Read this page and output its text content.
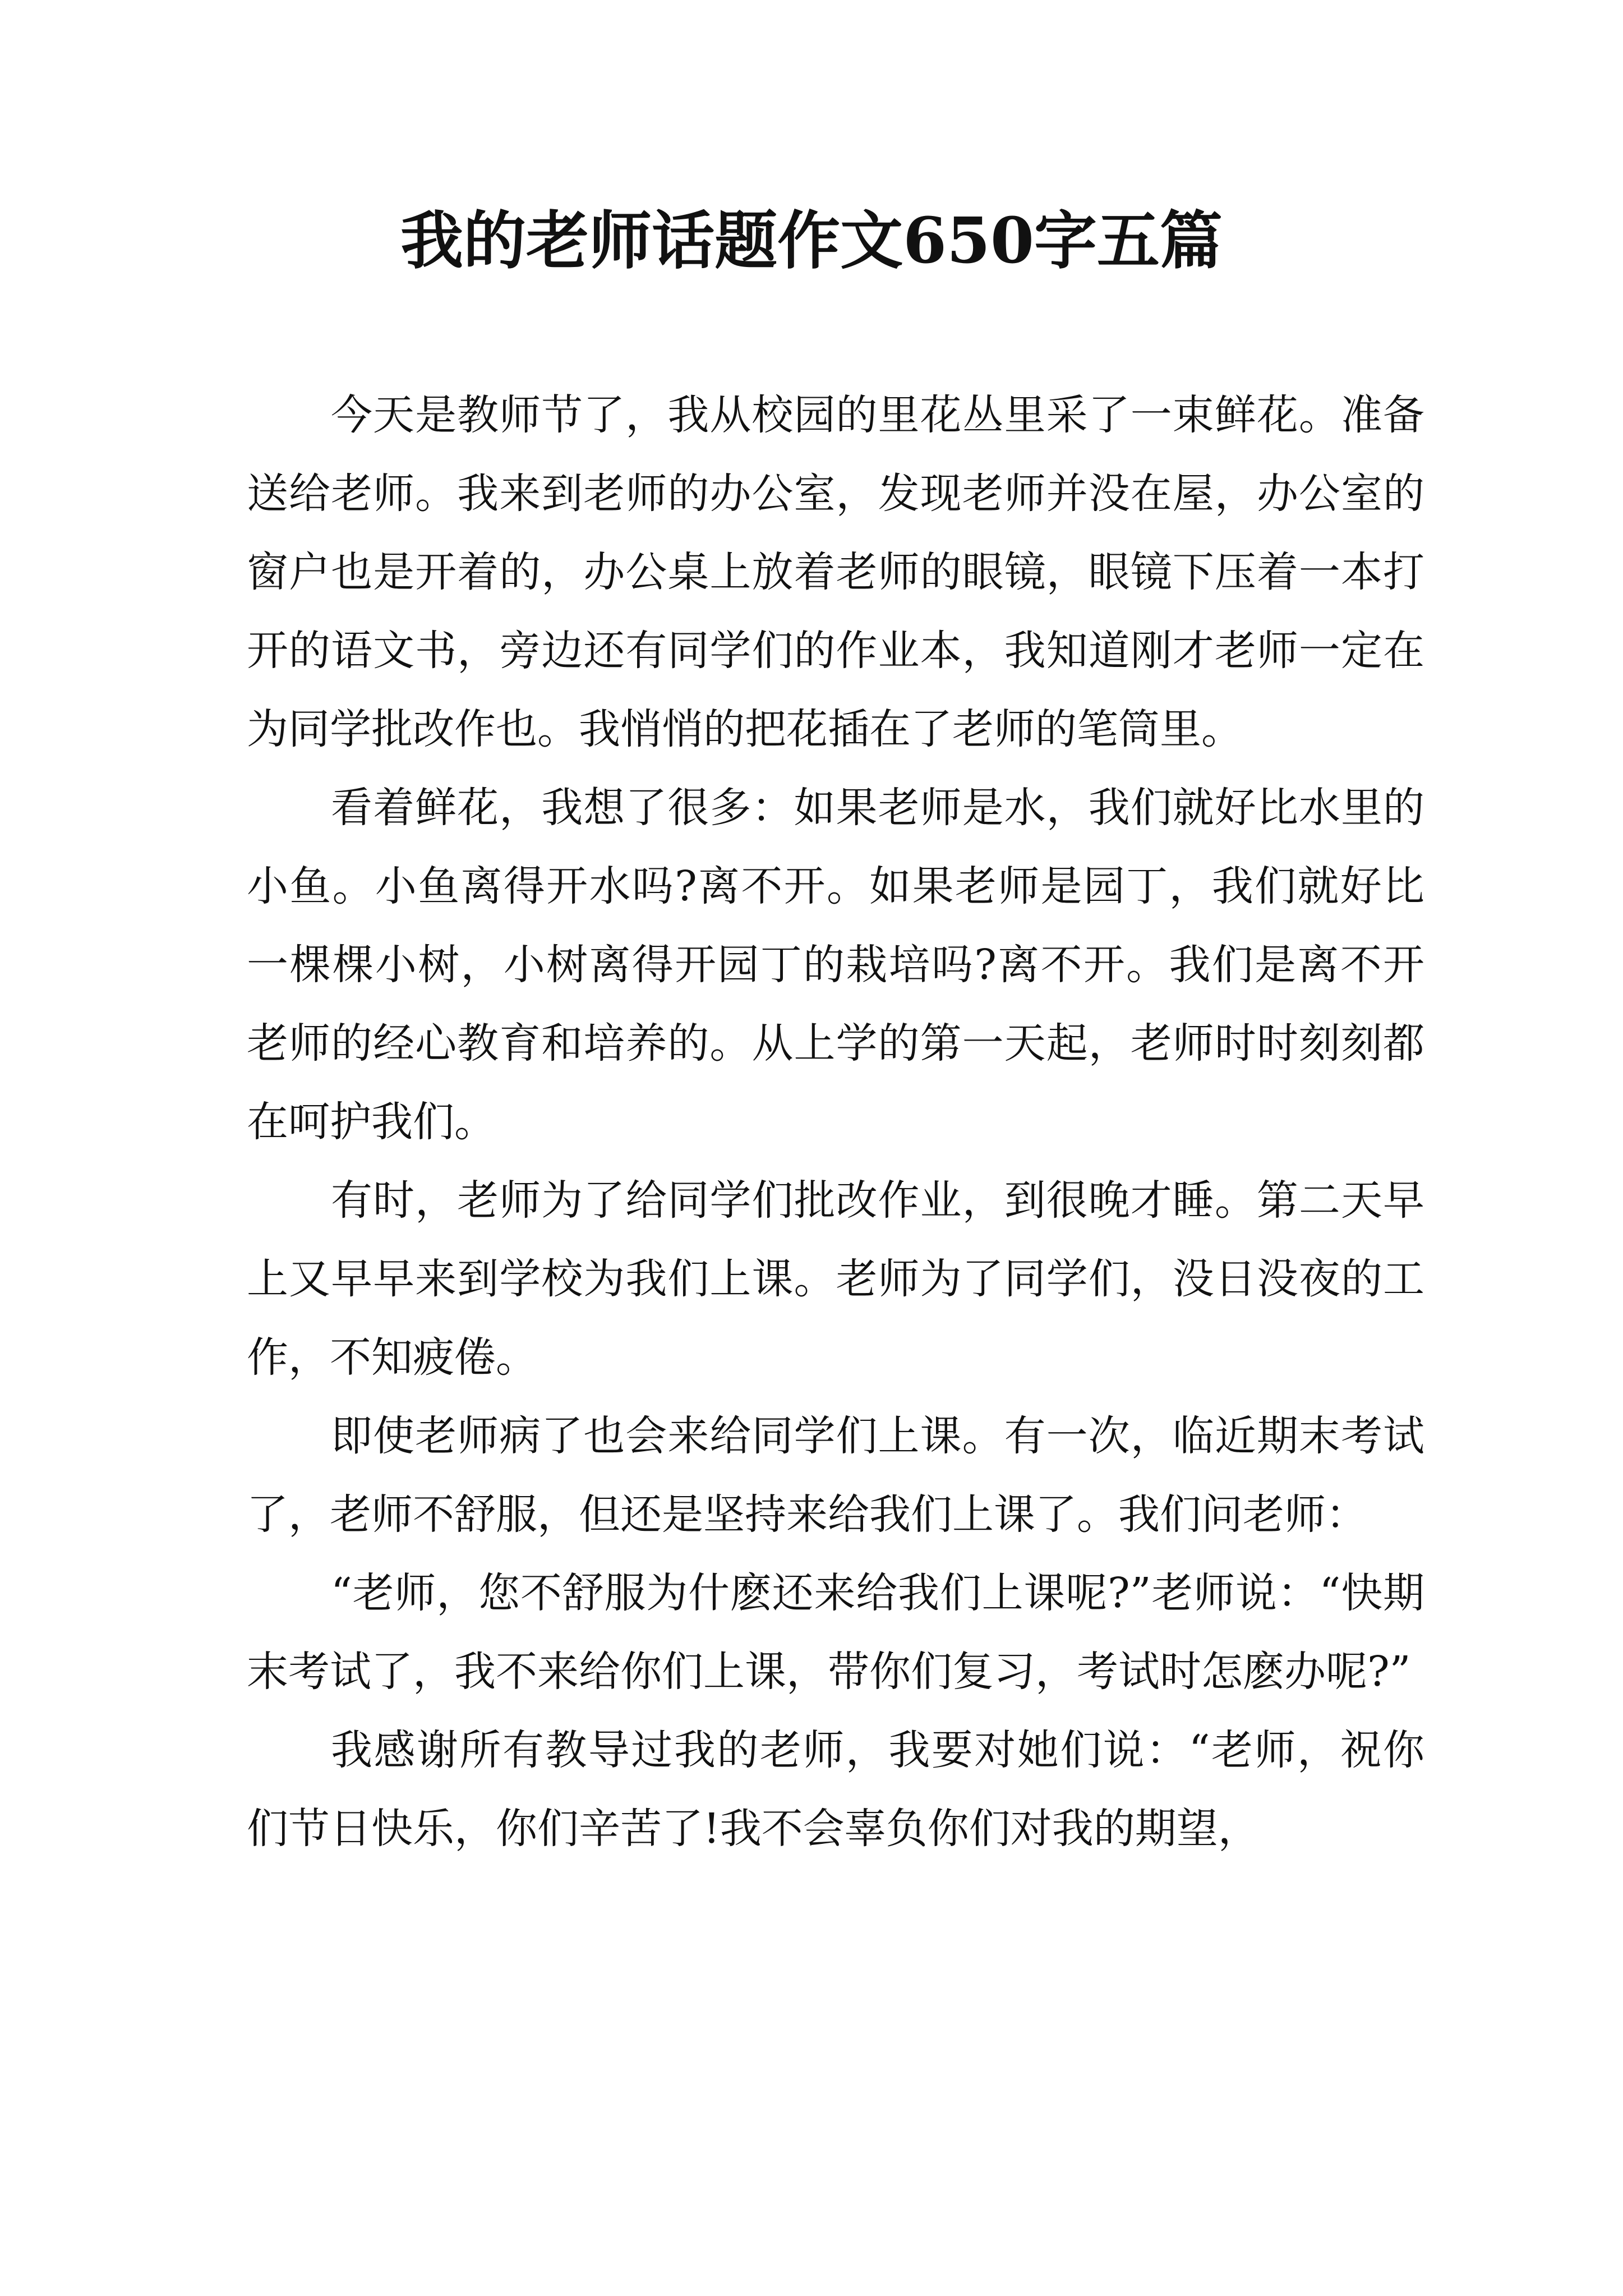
我的老师话题作文650字五篇

今天是教师节了，我从校园的里花丛里采了一束鲜花。准备送给老师。我来到老师的办公室，发现老师并没在屋，办公室的窗户也是开着的，办公桌上放着老师的眼镜，眼镜下压着一本打开的语文书，旁边还有同学们的作业本，我知道刚才老师一定在为同学批改作也。我悄悄的把花插在了老师的笔筒里。

看着鲜花，我想了很多：如果老师是水，我们就好比水里的小鱼。小鱼离得开水吗?离不开。如果老师是园丁，我们就好比一棵棵小树，小树离得开园丁的栽培吗?离不开。我们是离不开老师的经心教育和培养的。从上学的第一天起，老师时时刻刻都在呵护我们。

有时，老师为了给同学们批改作业，到很晚才睡。第二天早上又早早来到学校为我们上课。老师为了同学们，没日没夜的工作，不知疲倦。

即使老师病了也会来给同学们上课。有一次，临近期末考试了，老师不舒服，但还是坚持来给我们上课了。我们问老师：

“老师，您不舒服为什麽还来给我们上课呢?”老师说：“快期末考试了，我不来给你们上课，带你们复习，考试时怎麽办呢?”

我感谢所有教导过我的老师，我要对她们说：“老师，祝你们节日快乐，你们辛苦了!我不会辜负你们对我的期望，
